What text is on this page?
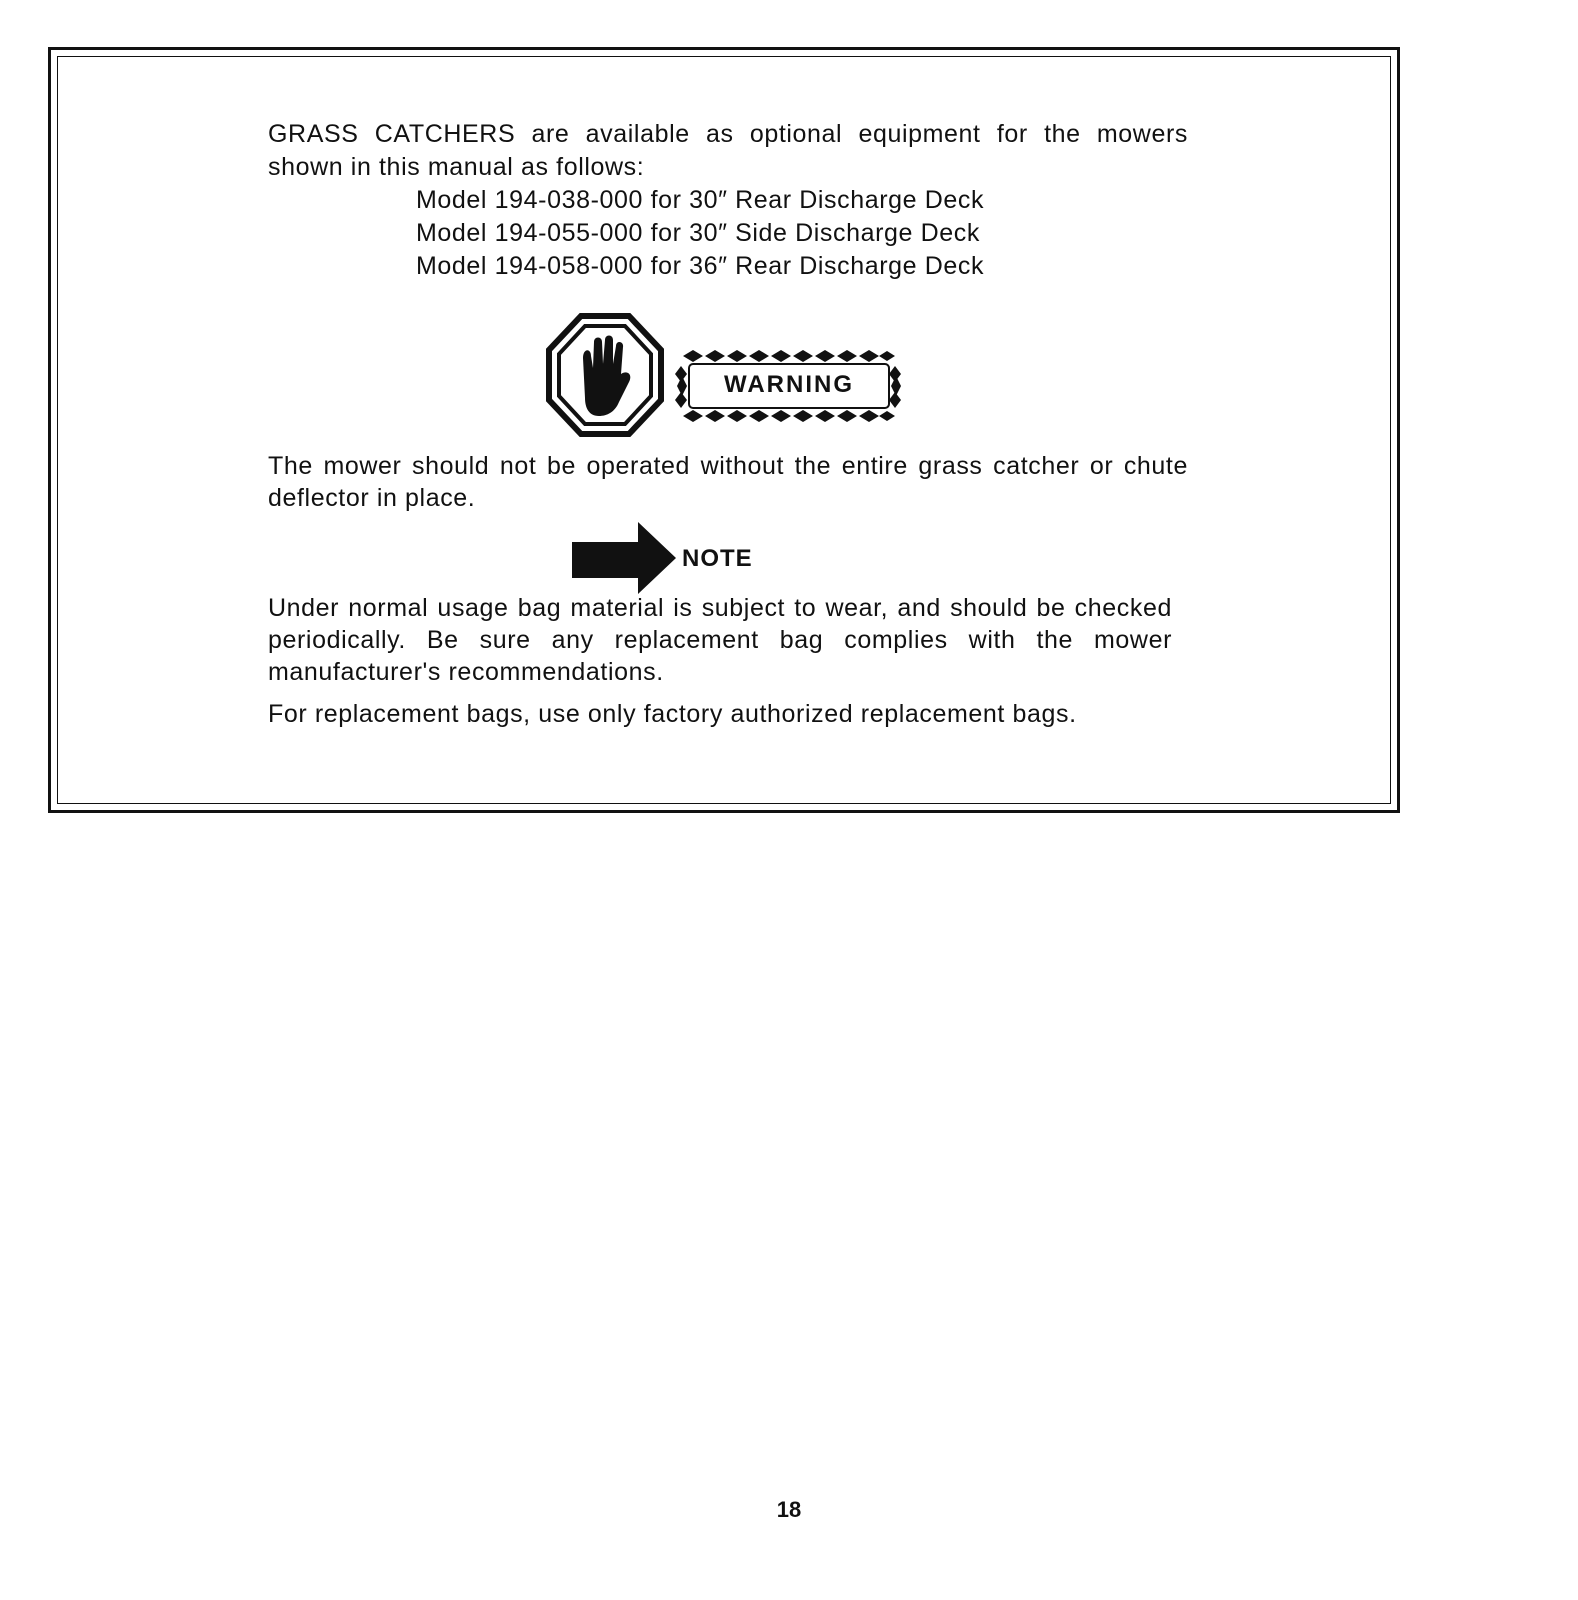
GRASS CATCHERS are available as optional equipment for the mowers shown in this manual as follows:

Model 194-038-000 for 30″ Rear Discharge Deck
Model 194-055-000 for 30″ Side Discharge Deck
Model 194-058-000 for 36″ Rear Discharge Deck
WARNING

The mower should not be operated without the entire grass catcher or chute deflector in place.

NOTE

Under normal usage bag material is subject to wear, and should be checked periodically. Be sure any replacement bag complies with the mower manufacturer's recommendations.

For replacement bags, use only factory authorized replacement bags.

18
